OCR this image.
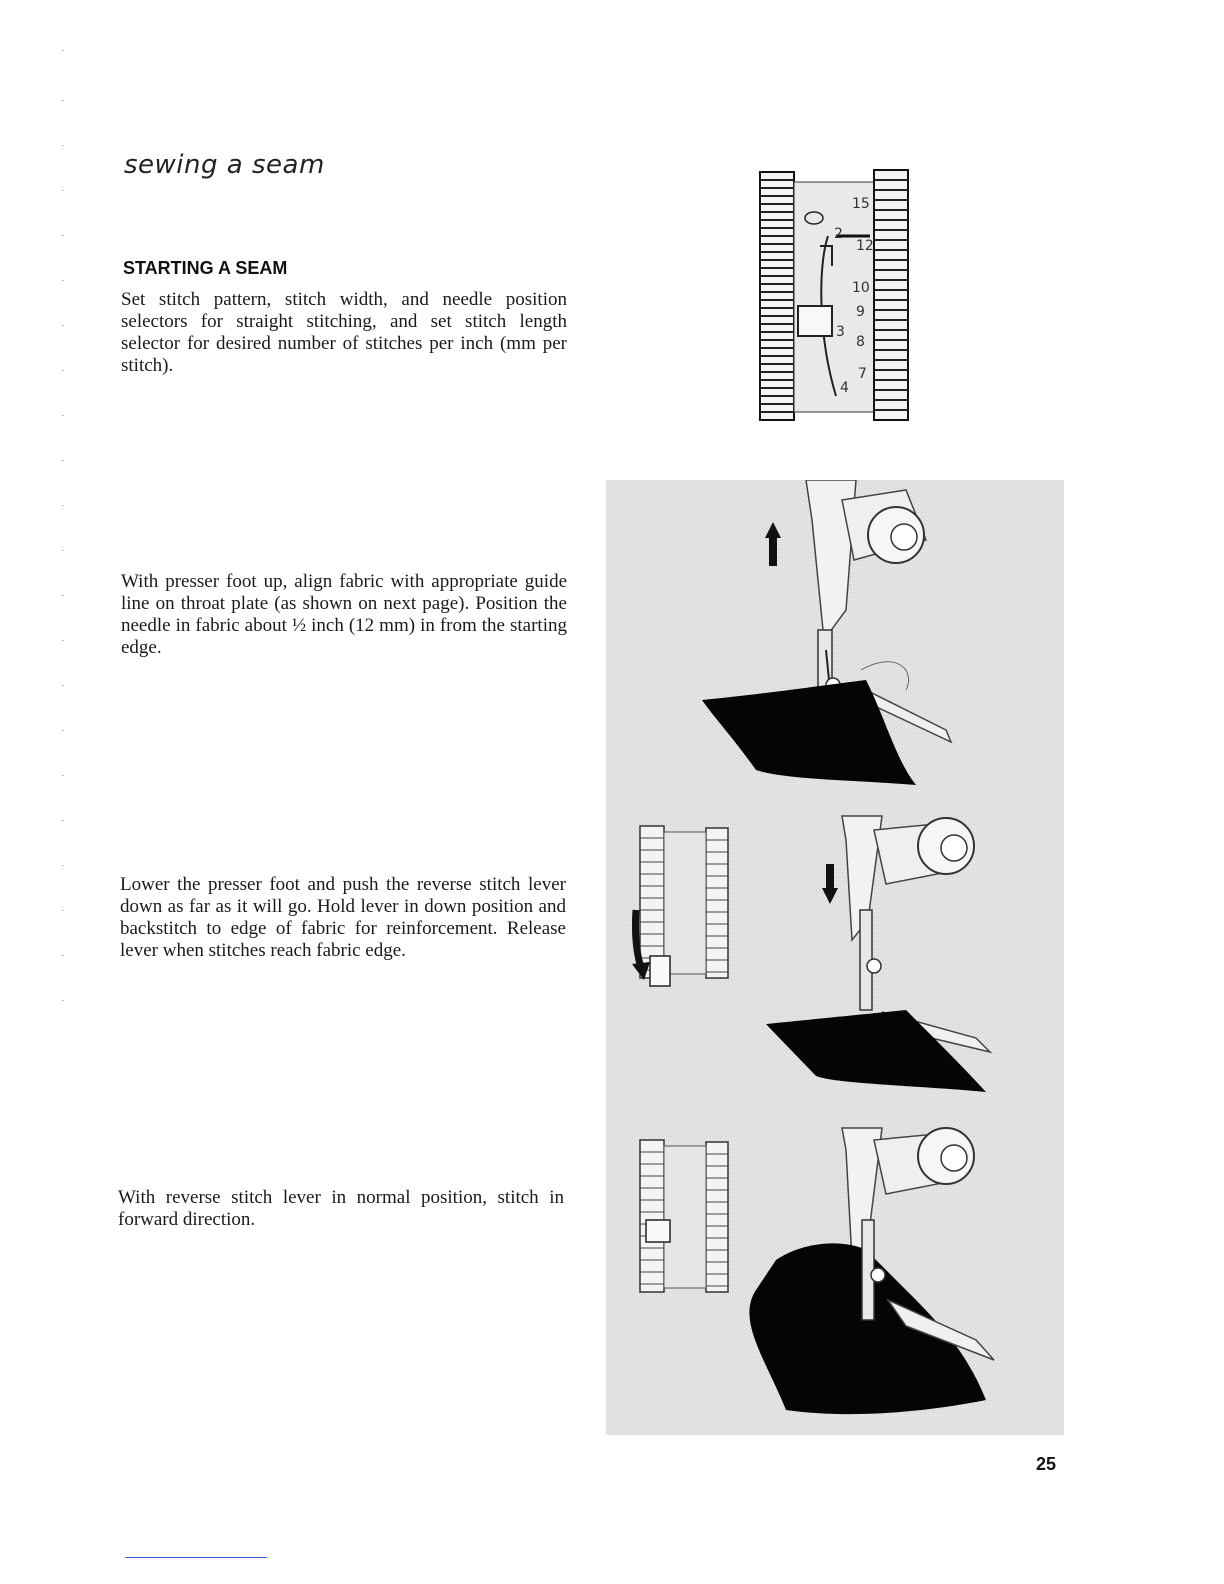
sewing a seam
STARTING A SEAM
Set stitch pattern, stitch width, and needle position selectors for straight stitching, and set stitch length selector for desired number of stitches per inch (mm per stitch).
With presser foot up, align fabric with appropriate guide line on throat plate (as shown on next page). Position the needle in fabric about ½ inch (12 mm) in from the starting edge.
Lower the presser foot and push the reverse stitch lever down as far as it will go. Hold lever in down position and backstitch to edge of fabric for reinforcement. Release lever when stitches reach fabric edge.
With reverse stitch lever in normal position, stitch in forward direction.
15
12
10
9
8
7
2
3
4
25
